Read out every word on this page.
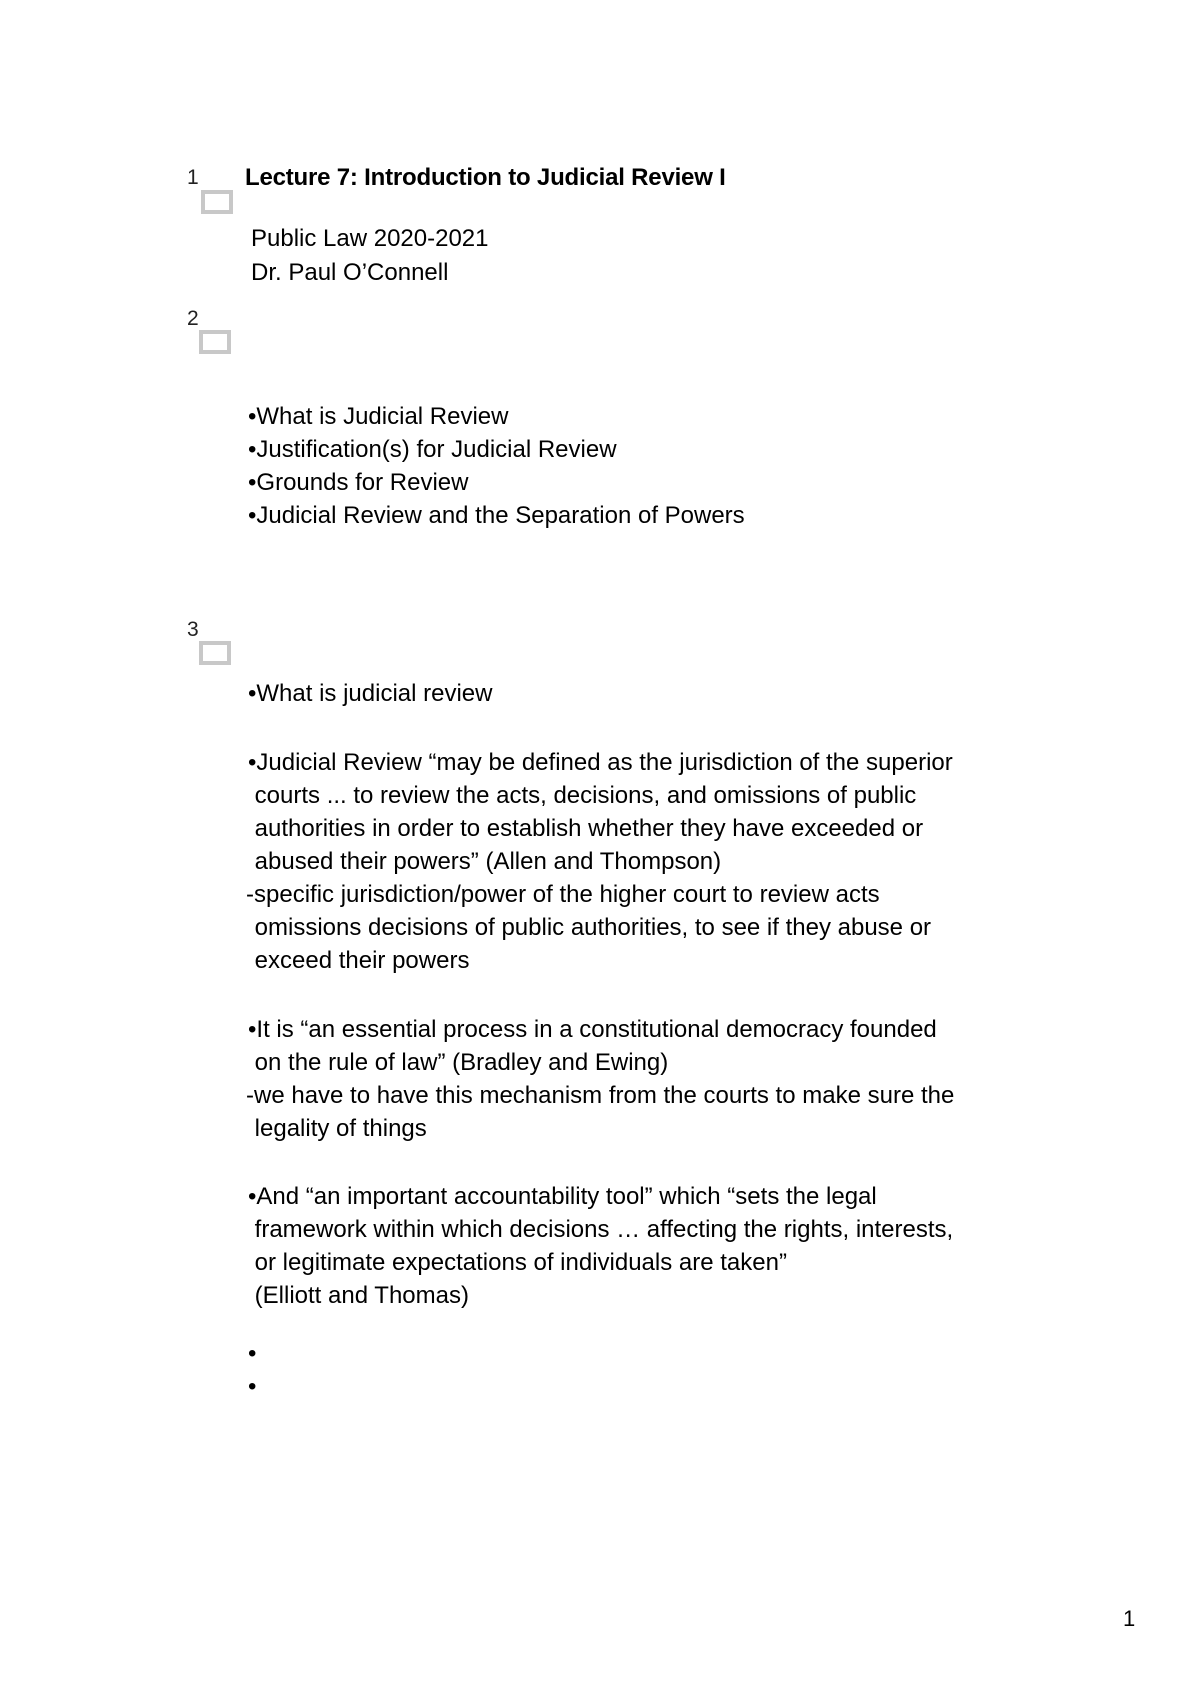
1 Lecture 7: Introduction to Judicial Review I
Public Law 2020-2021
Dr. Paul O’Connell
2
•What is Judicial Review
•Justification(s) for Judicial Review
•Grounds for Review
•Judicial Review and the Separation of Powers
3
•What is judicial review
•Judicial Review “may be defined as the jurisdiction of the superior
courts ... to review the acts, decisions, and omissions of public
authorities in order to establish whether they have exceeded or
abused their powers” (Allen and Thompson)
-specific jurisdiction/power of the higher court to review acts
omissions decisions of public authorities, to see if they abuse or
exceed their powers
•It is “an essential process in a constitutional democracy founded
on the rule of law” (Bradley and Ewing)
-we have to have this mechanism from the courts to make sure the
legality of things
•And “an important accountability tool” which “sets the legal
framework within which decisions … affecting the rights, interests,
or legitimate expectations of individuals are taken”
(Elliott and Thomas)
•
•
1
